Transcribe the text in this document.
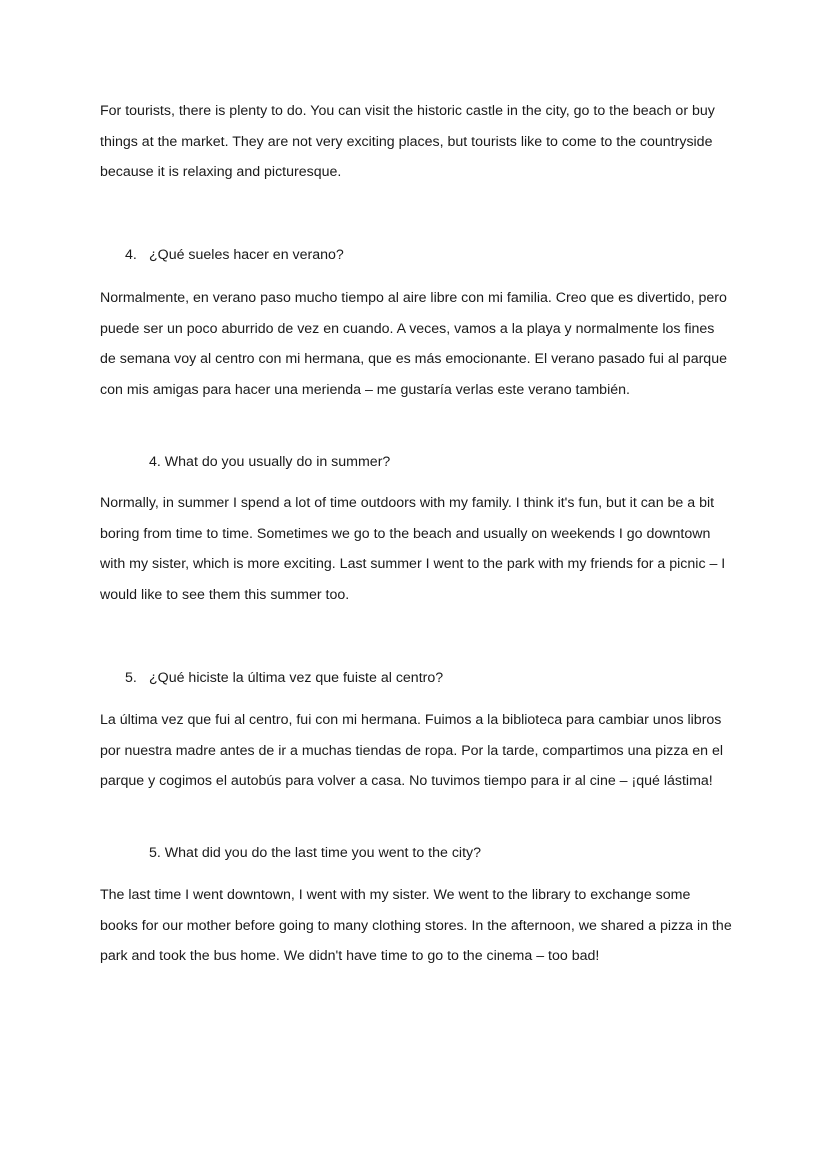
For tourists, there is plenty to do. You can visit the historic castle in the city, go to the beach or buy things at the market. They are not very exciting places, but tourists like to come to the countryside because it is relaxing and picturesque.

4. ¿Qué sueles hacer en verano?

Normalmente, en verano paso mucho tiempo al aire libre con mi familia. Creo que es divertido, pero puede ser un poco aburrido de vez en cuando. A veces, vamos a la playa y normalmente los fines de semana voy al centro con mi hermana, que es más emocionante. El verano pasado fui al parque con mis amigas para hacer una merienda – me gustaría verlas este verano también.

4. What do you usually do in summer?

Normally, in summer I spend a lot of time outdoors with my family. I think it's fun, but it can be a bit boring from time to time. Sometimes we go to the beach and usually on weekends I go downtown with my sister, which is more exciting. Last summer I went to the park with my friends for a picnic – I would like to see them this summer too.

5. ¿Qué hiciste la última vez que fuiste al centro?

La última vez que fui al centro, fui con mi hermana. Fuimos a la biblioteca para cambiar unos libros por nuestra madre antes de ir a muchas tiendas de ropa. Por la tarde, compartimos una pizza en el parque y cogimos el autobús para volver a casa. No tuvimos tiempo para ir al cine – ¡qué lástima!

5. What did you do the last time you went to the city?

The last time I went downtown, I went with my sister. We went to the library to exchange some books for our mother before going to many clothing stores. In the afternoon, we shared a pizza in the park and took the bus home. We didn't have time to go to the cinema – too bad!
